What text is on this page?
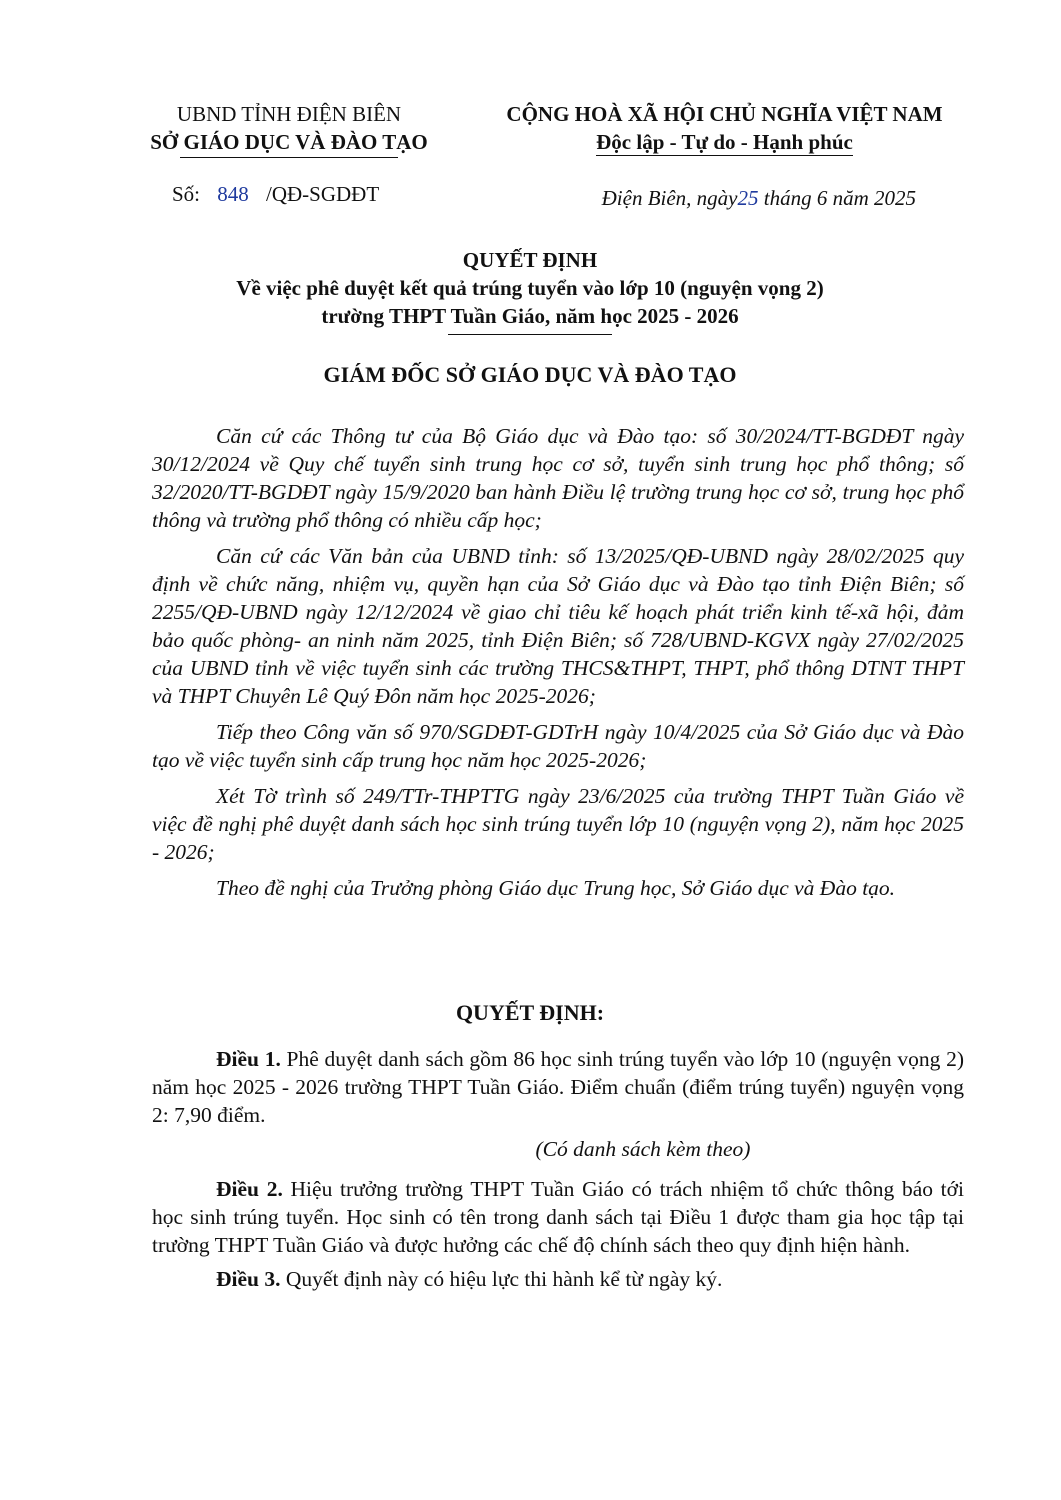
UBND TỈNH ĐIỆN BIÊN
SỞ GIÁO DỤC VÀ ĐÀO TẠO
CỘNG HOÀ XÃ HỘI CHỦ NGHĨA VIỆT NAM
Độc lập - Tự do - Hạnh phúc
Số: 848 /QĐ-SGDĐT	Điện Biên, ngày25 tháng 6 năm 2025
QUYẾT ĐỊNH
Về việc phê duyệt kết quả trúng tuyển vào lớp 10 (nguyện vọng 2)
trường THPT Tuần Giáo, năm học 2025 - 2026
GIÁM ĐỐC SỞ GIÁO DỤC VÀ ĐÀO TẠO

Căn cứ các Thông tư của Bộ Giáo dục và Đào tạo: số 30/2024/TT-BGDĐT ngày 30/12/2024 về Quy chế tuyển sinh trung học cơ sở, tuyển sinh trung học phổ thông; số 32/2020/TT-BGDĐT ngày 15/9/2020 ban hành Điều lệ trường trung học cơ sở, trung học phổ thông và trường phổ thông có nhiều cấp học;

Căn cứ các Văn bản của UBND tỉnh: số 13/2025/QĐ-UBND ngày 28/02/2025 quy định về chức năng, nhiệm vụ, quyền hạn của Sở Giáo dục và Đào tạo tỉnh Điện Biên; số 2255/QĐ-UBND ngày 12/12/2024 về giao chỉ tiêu kế hoạch phát triển kinh tế-xã hội, đảm bảo quốc phòng- an ninh năm 2025, tỉnh Điện Biên; số 728/UBND-KGVX ngày 27/02/2025 của UBND tỉnh về việc tuyển sinh các trường THCS&THPT, THPT, phổ thông DTNT THPT và THPT Chuyên Lê Quý Đôn năm học 2025-2026;

Tiếp theo Công văn số 970/SGDĐT-GDTrH ngày 10/4/2025 của Sở Giáo dục và Đào tạo về việc tuyển sinh cấp trung học năm học 2025-2026;

Xét Tờ trình số 249/TTr-THPTTG ngày 23/6/2025 của trường THPT Tuần Giáo về việc đề nghị phê duyệt danh sách học sinh trúng tuyển lớp 10 (nguyện vọng 2), năm học 2025 - 2026;

Theo đề nghị của Trưởng phòng Giáo dục Trung học, Sở Giáo dục và Đào tạo.

QUYẾT ĐỊNH:

Điều 1. Phê duyệt danh sách gồm 86 học sinh trúng tuyển vào lớp 10 (nguyện vọng 2) năm học 2025 - 2026 trường THPT Tuần Giáo. Điểm chuẩn (điểm trúng tuyển) nguyện vọng 2: 7,90 điểm.

(Có danh sách kèm theo)

Điều 2. Hiệu trưởng trường THPT Tuần Giáo có trách nhiệm tổ chức thông báo tới học sinh trúng tuyển. Học sinh có tên trong danh sách tại Điều 1 được tham gia học tập tại trường THPT Tuần Giáo và được hưởng các chế độ chính sách theo quy định hiện hành.

Điều 3. Quyết định này có hiệu lực thi hành kể từ ngày ký.
